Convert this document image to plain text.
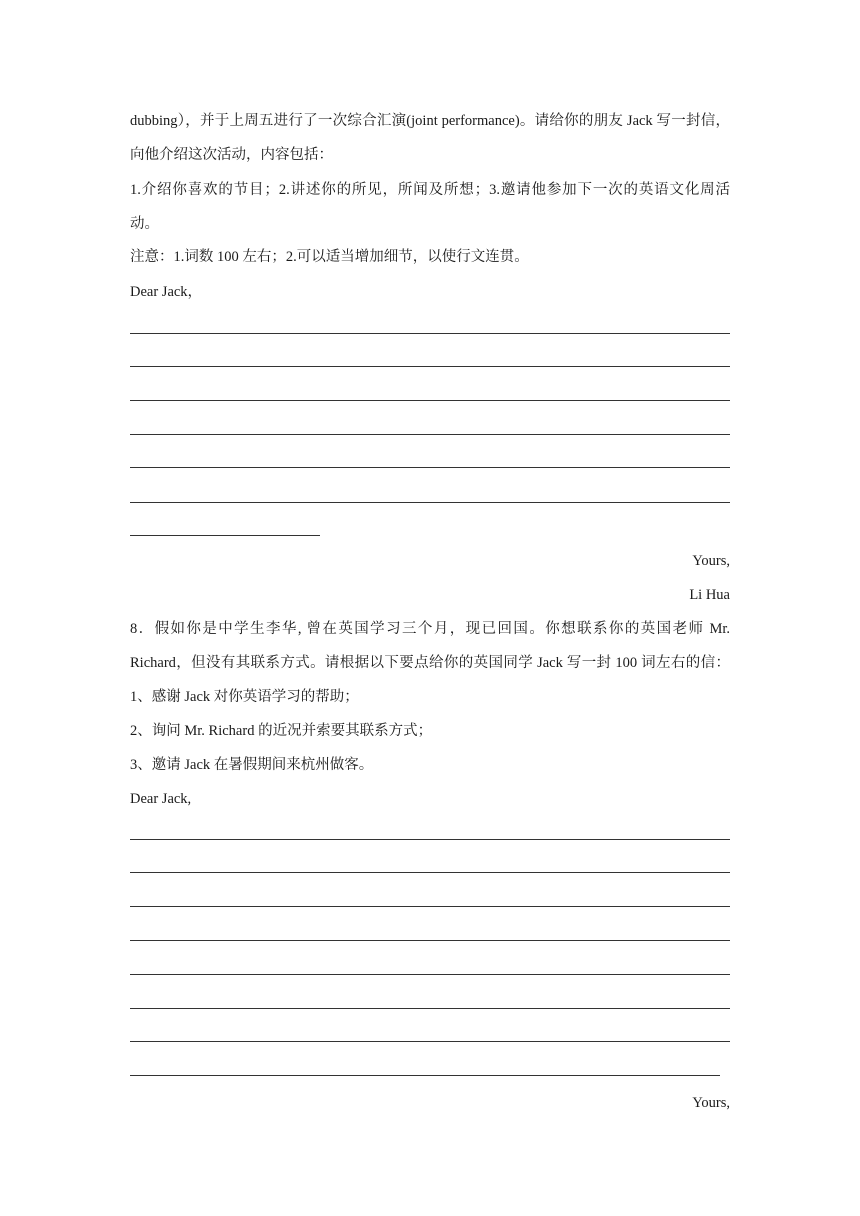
dubbing），并于上周五进行了一次综合汇演(joint performance)。请给你的朋友 Jack 写一封信，
向他介绍这次活动，内容包括：
1.介绍你喜欢的节目；2.讲述你的所见，所闻及所想；3.邀请他参加下一次的英语文化周活
动。
注意：1.词数 100 左右；2.可以适当增加细节，以使行文连贯。
Dear Jack，
Yours,
Li Hua
8．假如你是中学生李华, 曾在英国学习三个月，现已回国。你想联系你的英国老师 Mr.
Richard，但没有其联系方式。请根据以下要点给你的英国同学 Jack 写一封 100 词左右的信：
1、感谢 Jack 对你英语学习的帮助；
2、询问 Mr. Richard 的近况并索要其联系方式；
3、邀请 Jack 在暑假期间来杭州做客。
Dear Jack,
Yours,
